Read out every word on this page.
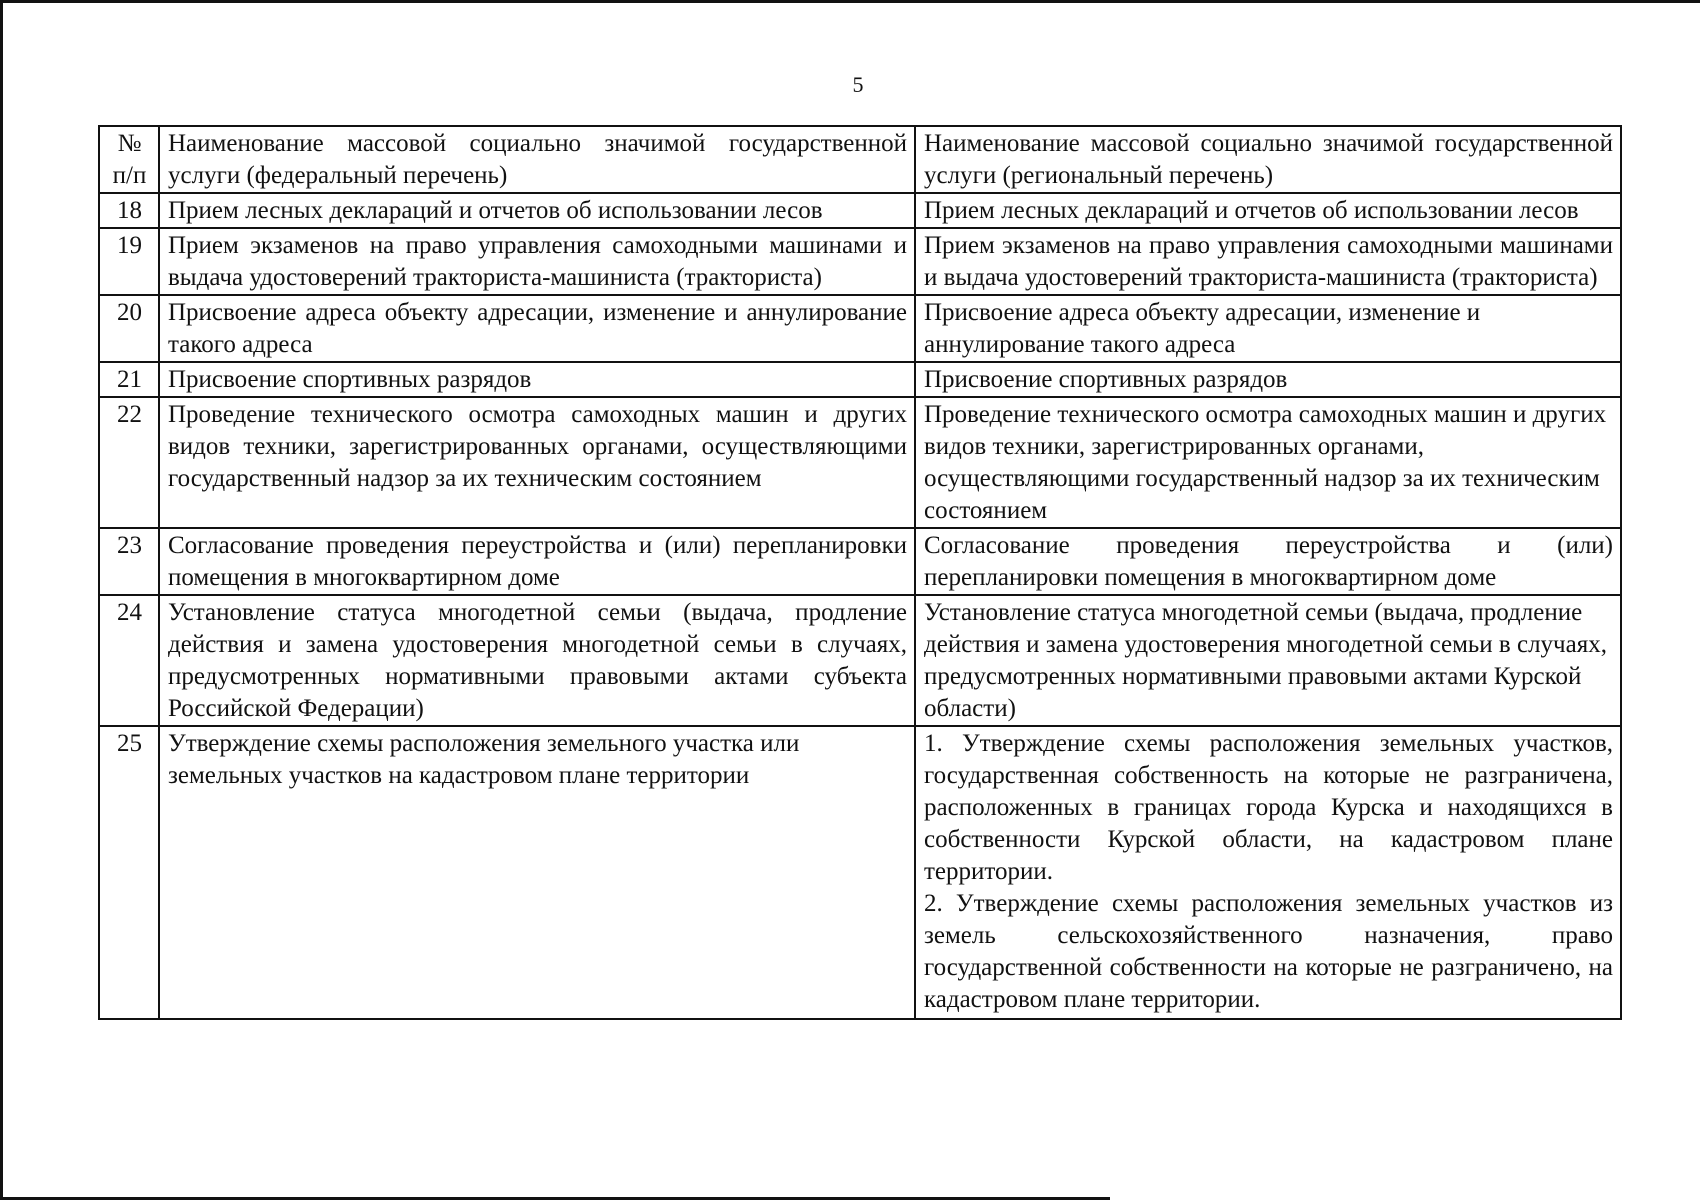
5
№ п/п	Наименование массовой социально значимой государственной услуги (федеральный перечень)	Наименование массовой социально значимой государственной услуги (региональный перечень)
18	Прием лесных деклараций и отчетов об использовании лесов	Прием лесных деклараций и отчетов об использовании лесов
19	Прием экзаменов на право управления самоходными машинами и выдача удостоверений тракториста-машиниста (тракториста)	Прием экзаменов на право управления самоходными машинами и выдача удостоверений тракториста-машиниста (тракториста)
20	Присвоение адреса объекту адресации, изменение и аннулирование такого адреса	Присвоение адреса объекту адресации, изменение и аннулирование такого адреса
21	Присвоение спортивных разрядов	Присвоение спортивных разрядов
22	Проведение технического осмотра самоходных машин и других видов техники, зарегистрированных органами, осуществляющими государственный надзор за их техническим состоянием	Проведение технического осмотра самоходных машин и других видов техники, зарегистрированных органами, осуществляющими государственный надзор за их техническим состоянием
23	Согласование проведения переустройства и (или) перепланировки помещения в многоквартирном доме	Согласование проведения переустройства и (или) перепланировки помещения в многоквартирном доме
24	Установление статуса многодетной семьи (выдача, продление действия и замена удостоверения многодетной семьи в случаях, предусмотренных нормативными правовыми актами субъекта Российской Федерации)	Установление статуса многодетной семьи (выдача, продление действия и замена удостоверения многодетной семьи в случаях, предусмотренных нормативными правовыми актами Курской области)
25	Утверждение схемы расположения земельного участка или земельных участков на кадастровом плане территории	1. Утверждение схемы расположения земельных участков, государственная собственность на которые не разграничена, расположенных в границах города Курска и находящихся в собственности Курской области, на кадастровом плане территории.
2. Утверждение схемы расположения земельных участков из земель сельскохозяйственного назначения, право государственной собственности на которые не разграничено, на кадастровом плане территории.
